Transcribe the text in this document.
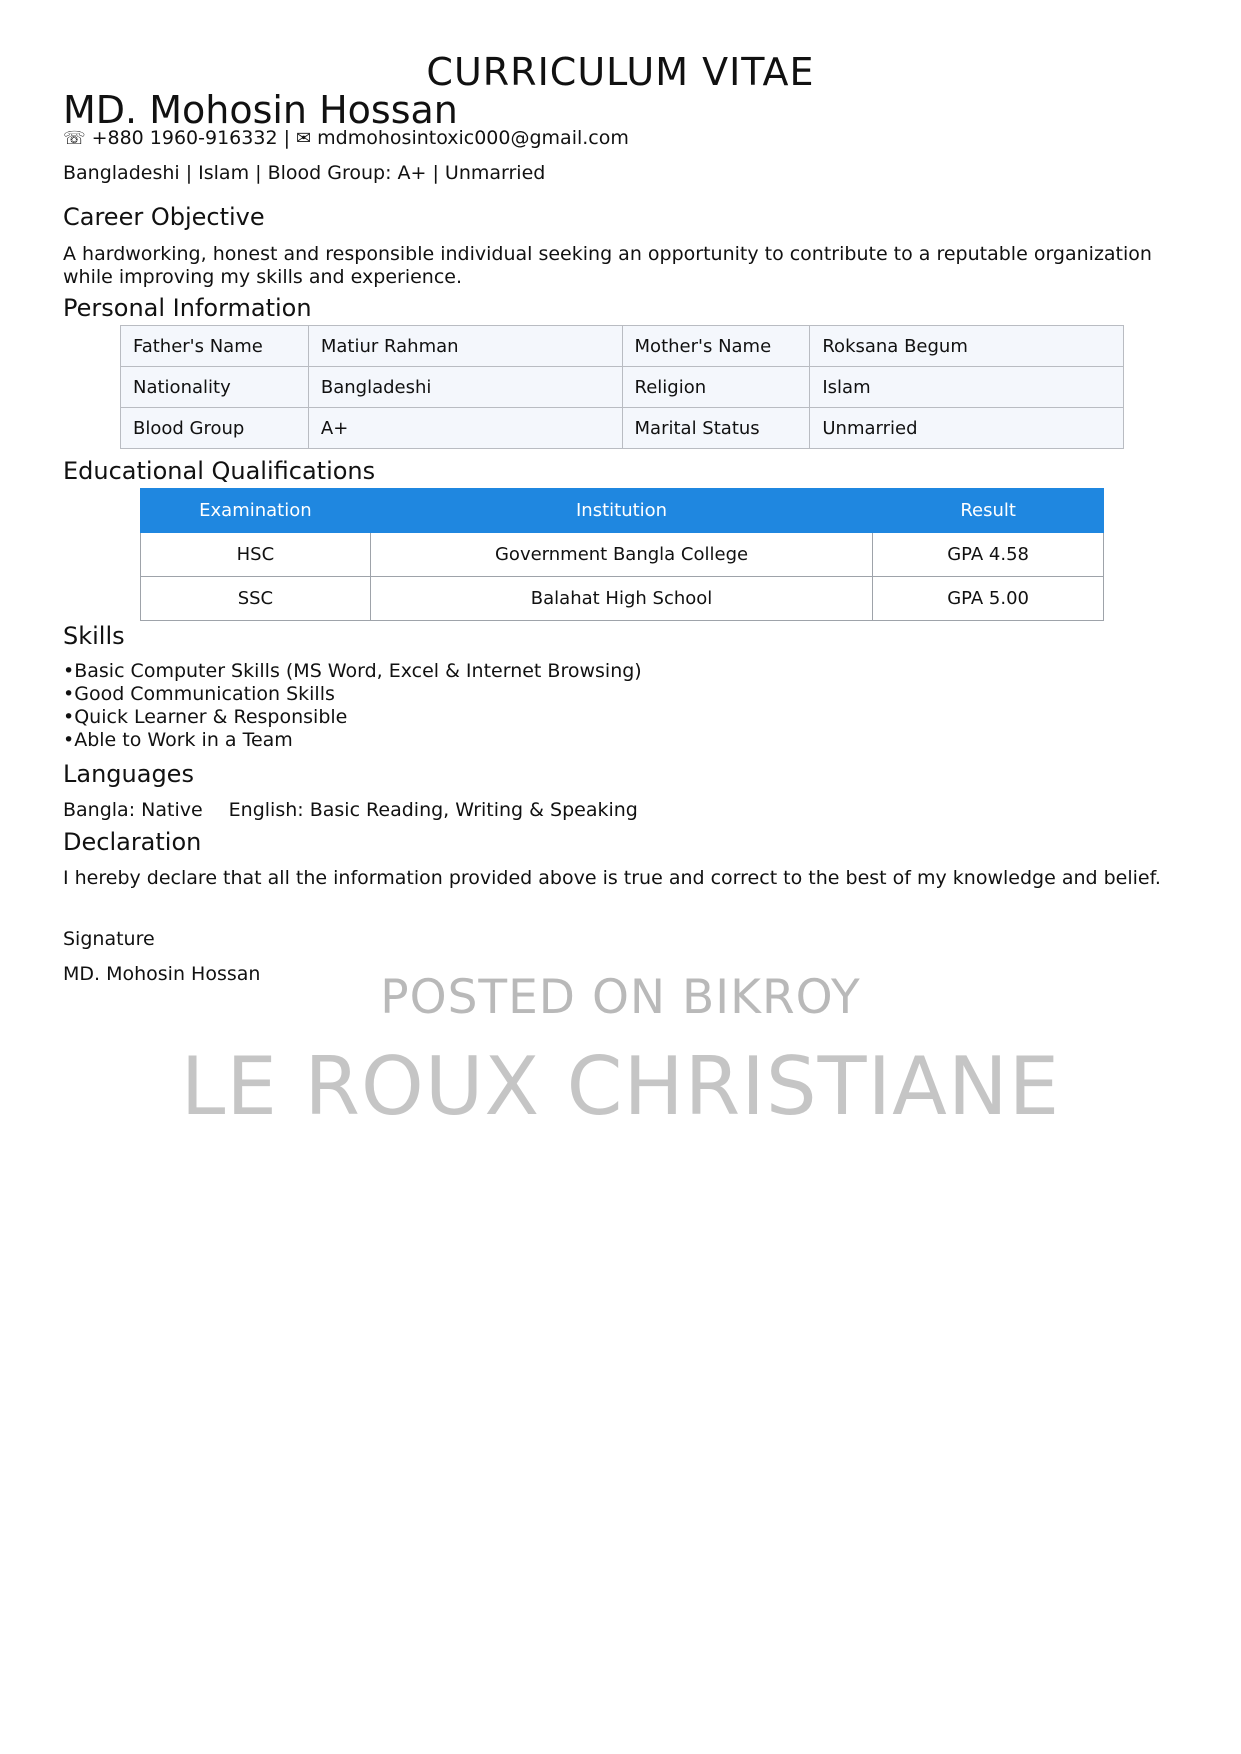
CURRICULUM VITAE
MD. Mohosin Hossan
☏ +880 1960-916332 | ✉ mdmohosintoxic000@gmail.com
Bangladeshi | Islam | Blood Group: A+ | Unmarried
Career Objective
A hardworking, honest and responsible individual seeking an opportunity to contribute to a reputable organization while improving my skills and experience.
Personal Information
Father's Name	Matiur Rahman	Mother's Name	Roksana Begum
Nationality	Bangladeshi	Religion	Islam
Blood Group	A+	Marital Status	Unmarried
Educational Qualifications
Examination	Institution	Result
HSC	Government Bangla College	GPA 4.58
SSC	Balahat High School	GPA 5.00
Skills
• Basic Computer Skills (MS Word, Excel & Internet Browsing)
• Good Communication Skills
• Quick Learner & Responsible
• Able to Work in a Team
Languages
Bangla: Native English: Basic Reading, Writing & Speaking
Declaration
I hereby declare that all the information provided above is true and correct to the best of my knowledge and belief.
Signature
MD. Mohosin Hossan	POSTED ON BIKROY
LE ROUX CHRISTIANE
